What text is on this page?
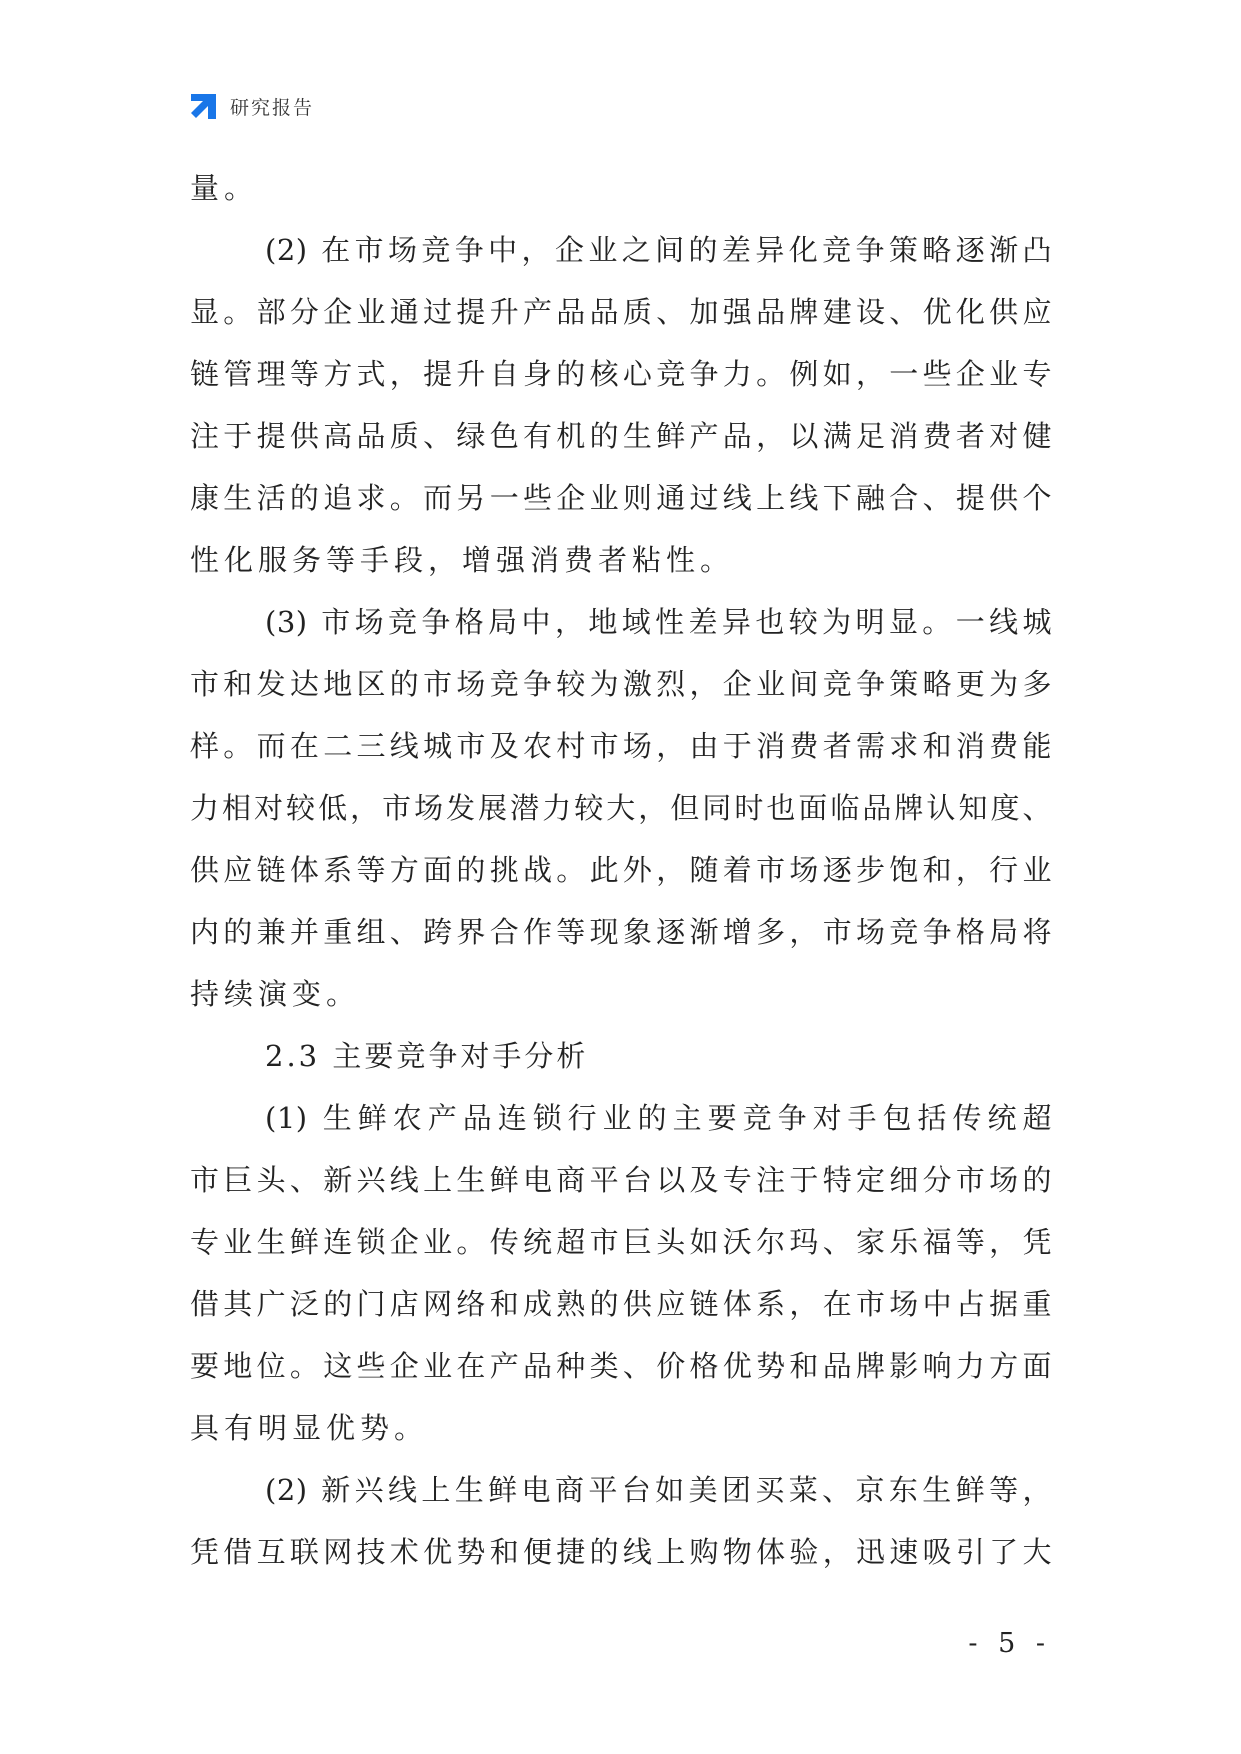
研究报告
量。
(2) 在市场竞争中，企业之间的差异化竞争策略逐渐凸
显。部分企业通过提升产品品质、加强品牌建设、优化供应
链管理等方式，提升自身的核心竞争力。例如，一些企业专
注于提供高品质、绿色有机的生鲜产品，以满足消费者对健
康生活的追求。而另一些企业则通过线上线下融合、提供个
性化服务等手段，增强消费者粘性。
(3) 市场竞争格局中，地域性差异也较为明显。一线城
市和发达地区的市场竞争较为激烈，企业间竞争策略更为多
样。而在二三线城市及农村市场，由于消费者需求和消费能
力相对较低，市场发展潜力较大，但同时也面临品牌认知度、
供应链体系等方面的挑战。此外，随着市场逐步饱和，行业
内的兼并重组、跨界合作等现象逐渐增多，市场竞争格局将
持续演变。
2.3 主要竞争对手分析
(1) 生鲜农产品连锁行业的主要竞争对手包括传统超
市巨头、新兴线上生鲜电商平台以及专注于特定细分市场的
专业生鲜连锁企业。传统超市巨头如沃尔玛、家乐福等，凭
借其广泛的门店网络和成熟的供应链体系，在市场中占据重
要地位。这些企业在产品种类、价格优势和品牌影响力方面
具有明显优势。
(2) 新兴线上生鲜电商平台如美团买菜、京东生鲜等，
凭借互联网技术优势和便捷的线上购物体验，迅速吸引了大
- 5 -
